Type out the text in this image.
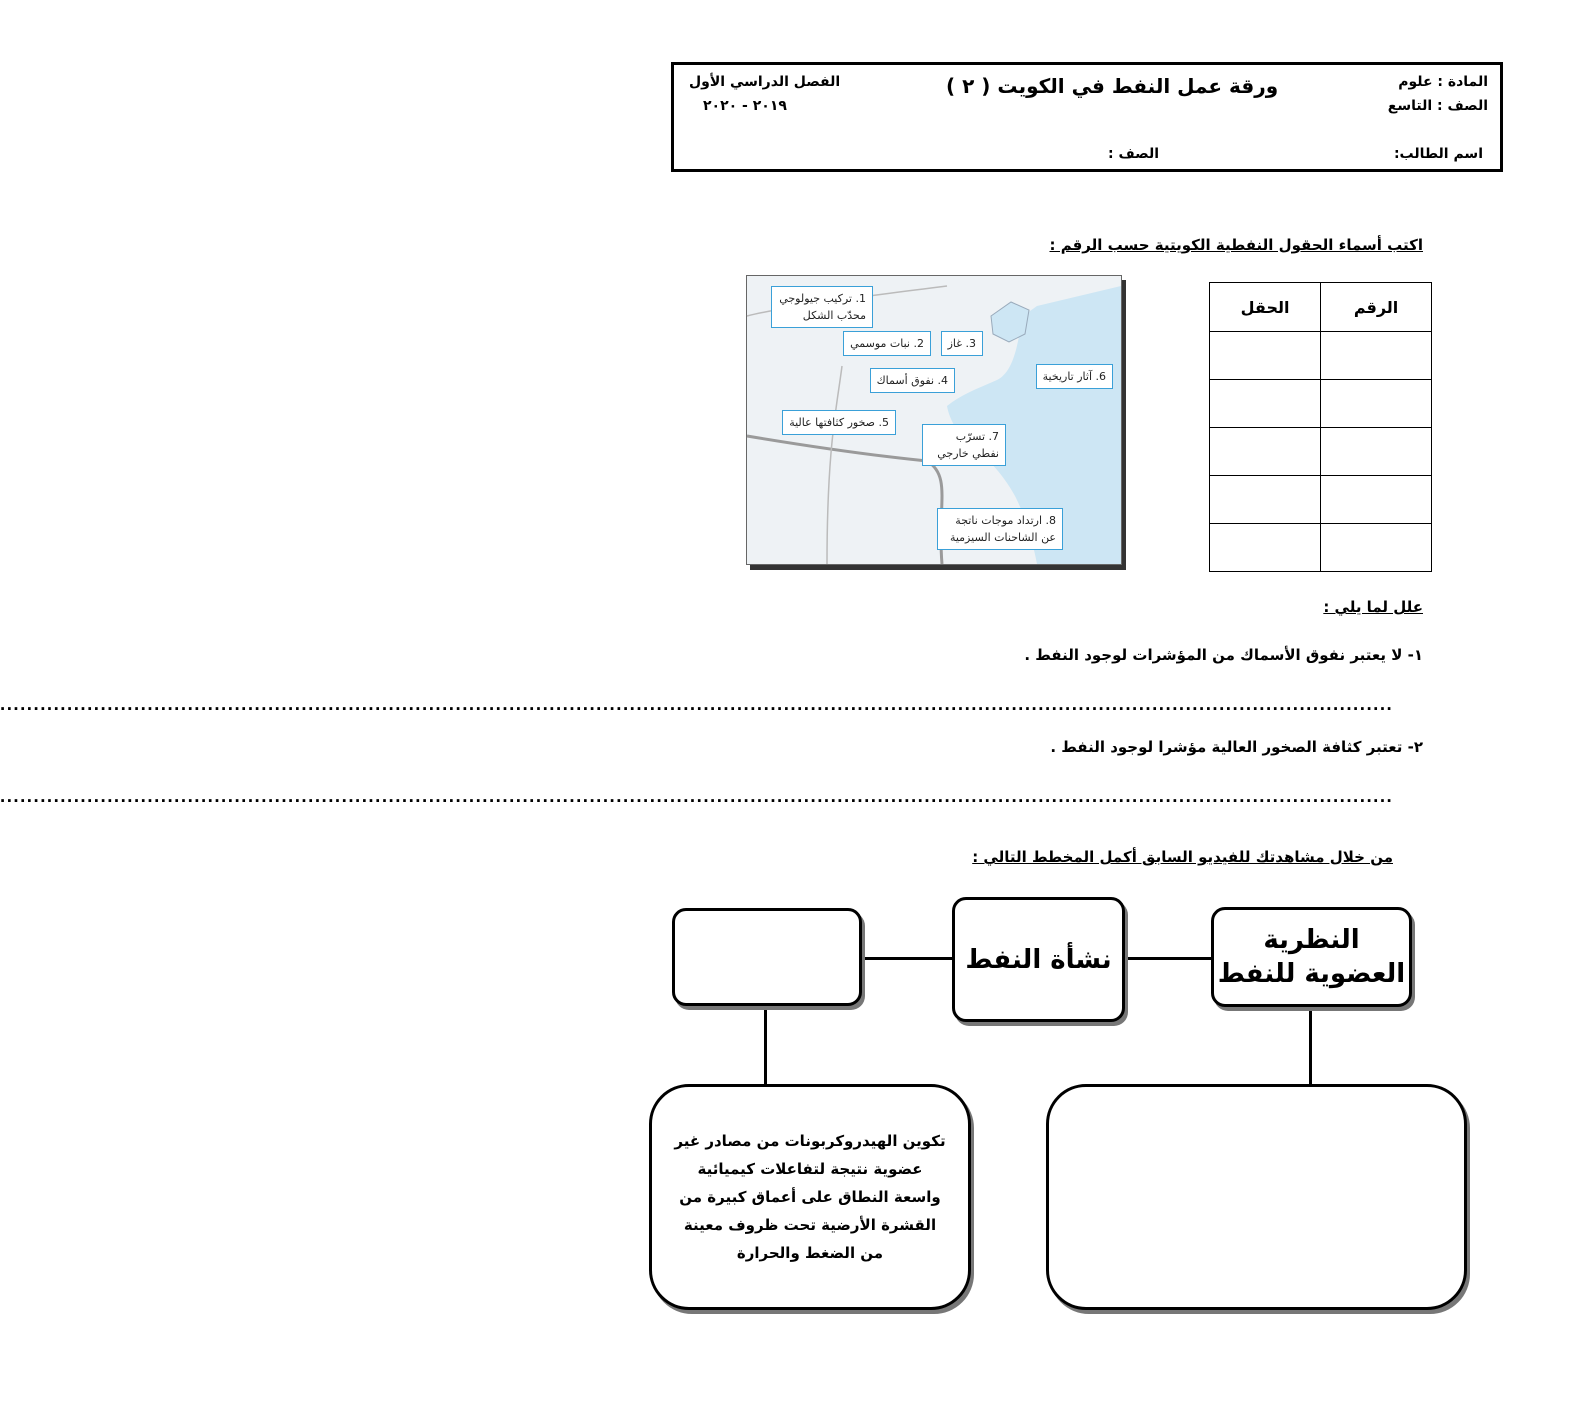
المادة : علوم
الصف : التاسع
ورقة عمل النفط في الكويت ( ٢ )
الفصل الدراسي الأول
٢٠١٩ - ٢٠٢٠
اسم الطالب:
الصف :
اكتب أسماء الحقول النفطية الكويتية حسب الرقم :
1. تركيب جيولوجي محدّب الشكل
2. نبات موسمي	3. غاز
4. نفوق أسماك
5. صخور كثافتها عالية
6. آثار تاريخية
7. تسرّب نفطي خارجي
8. ارتداد موجات ناتجة عن الشاحنات السيزمية
الرقم	الحقل

علل لما يلي :
١- لا يعتبر نفوق الأسماك من المؤشرات لوجود النفط .
................................................................................................................................................................................................................
٢- تعتبر كثافة الصخور العالية مؤشرا لوجود النفط .
................................................................................................................................................................................................................
من خلال مشاهدتك للفيديو السابق أكمل المخطط التالي :
نشأة النفط
النظرية
العضوية للنفط
تكوين الهيدروكربونات من مصادر غير عضوية نتيجة لتفاعلات كيميائية واسعة النطاق على أعماق كبيرة من القشرة الأرضية تحت ظروف معينة من الضغط والحرارة
